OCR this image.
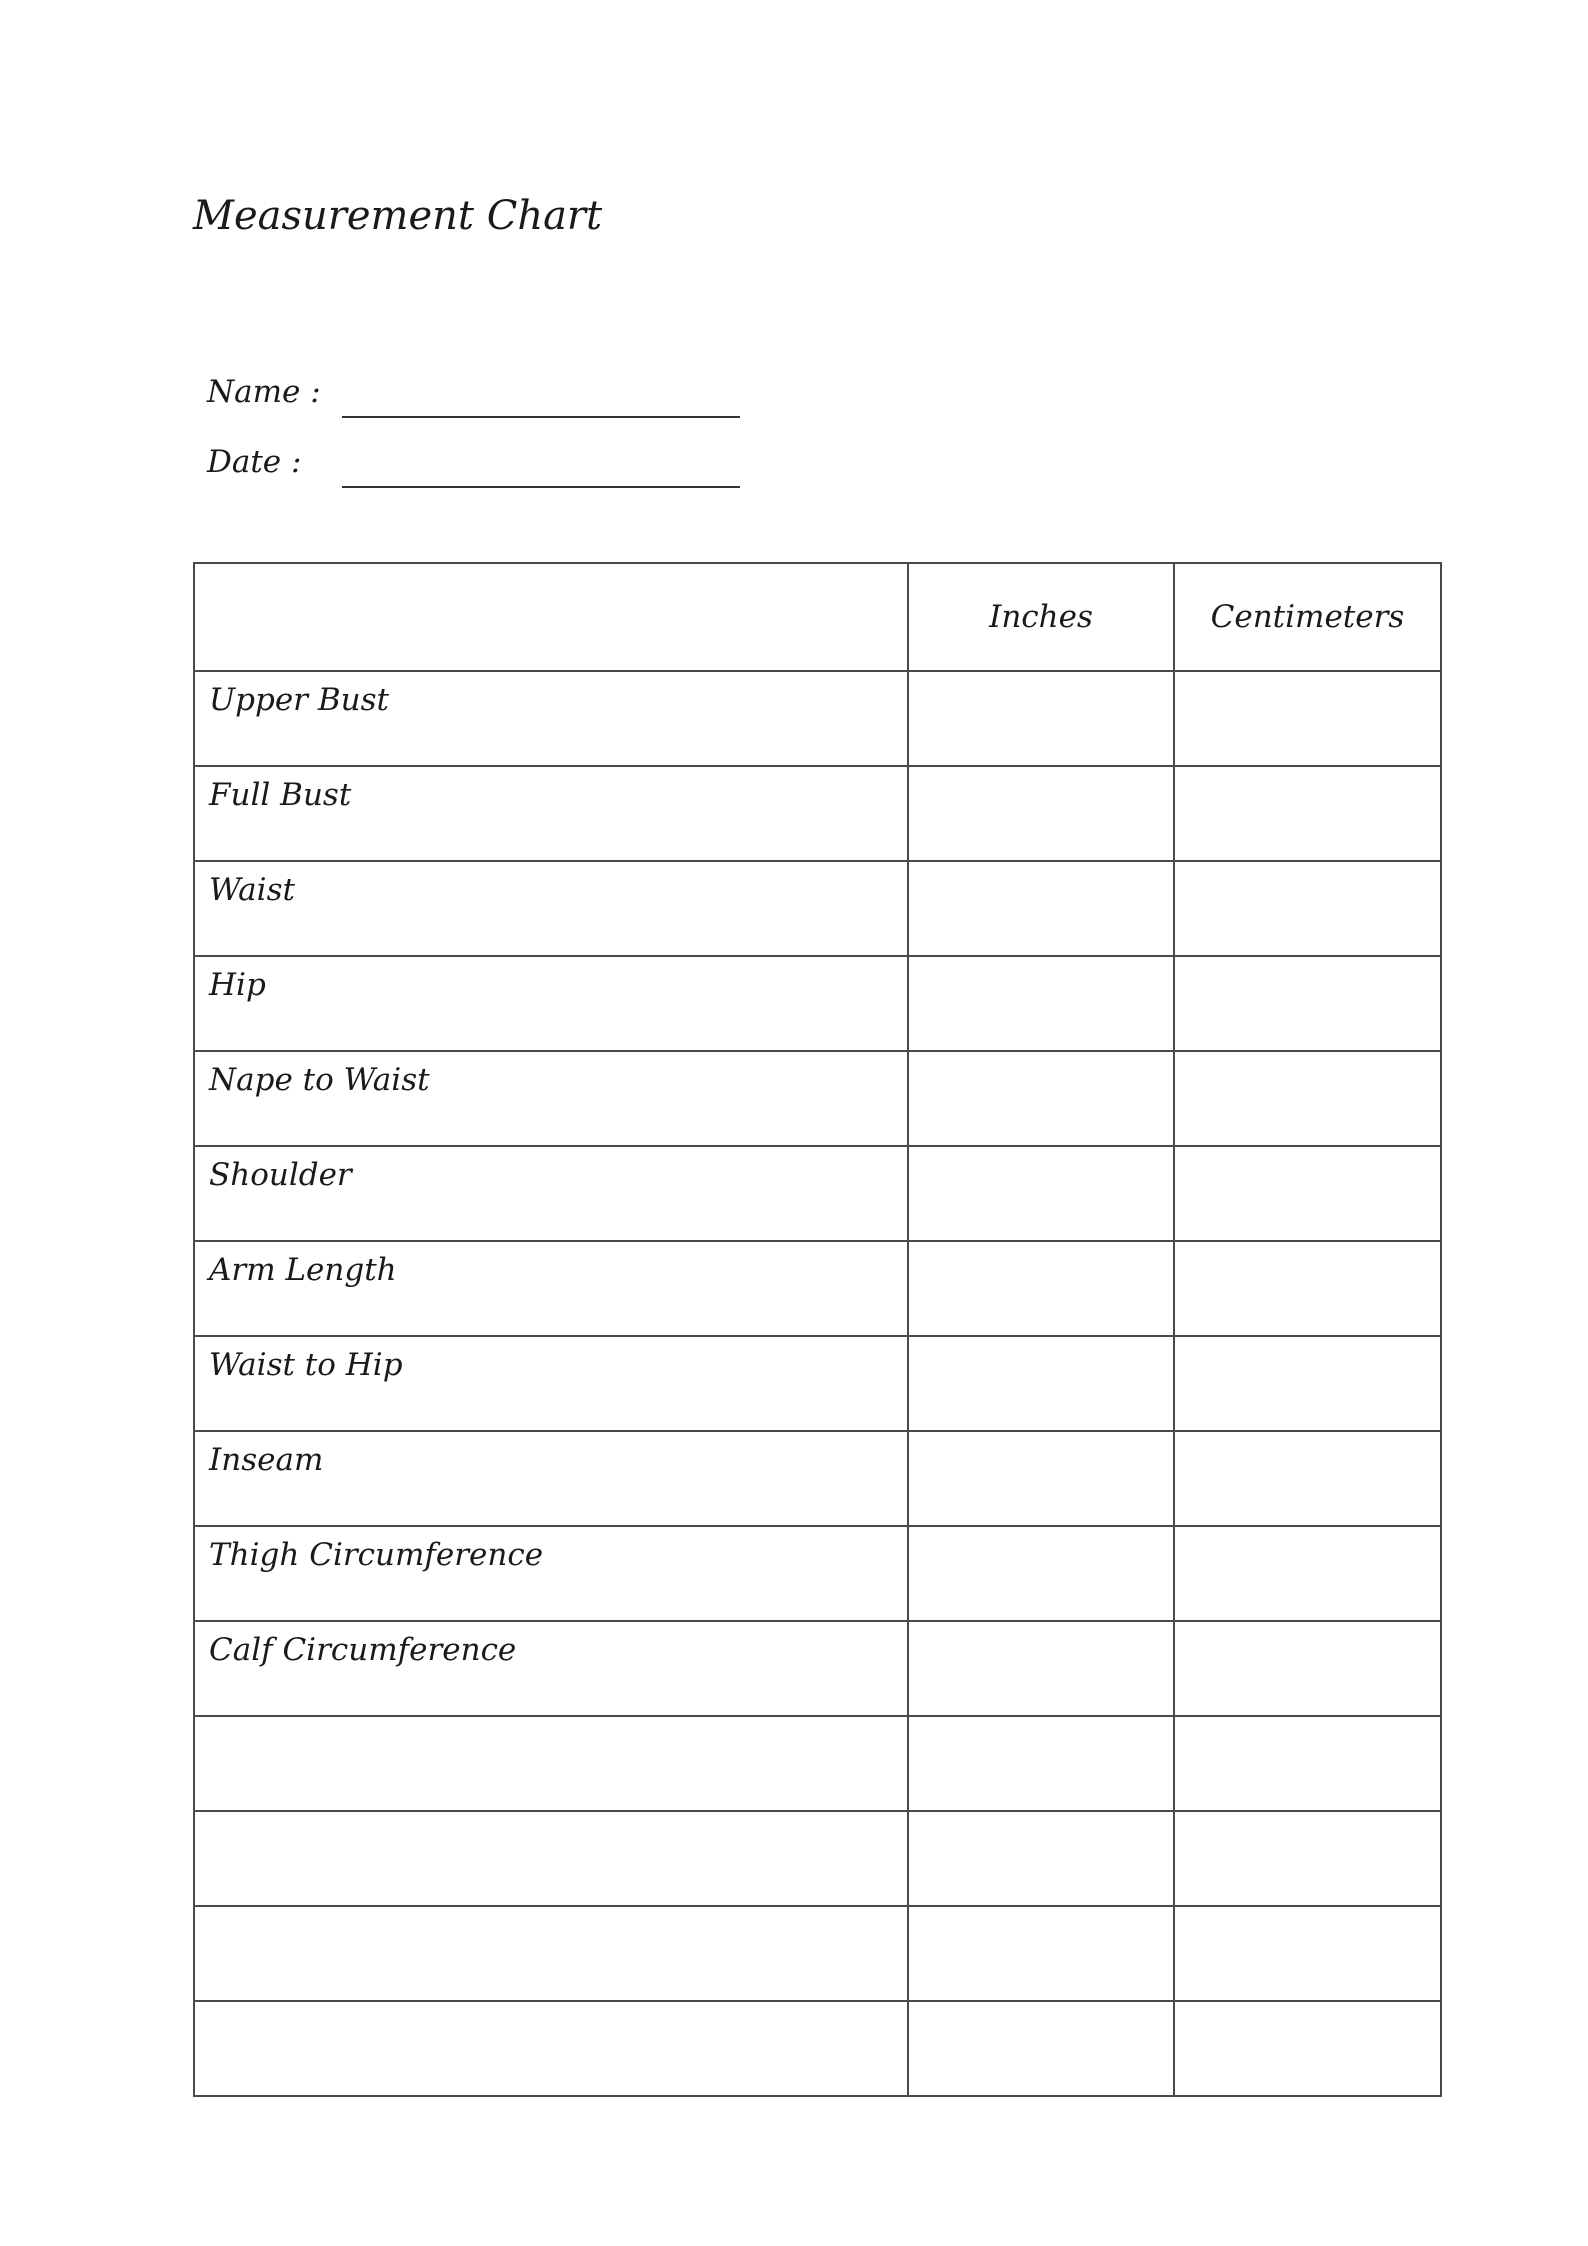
Measurement Chart
Name :
Date :
	Inches	Centimeters
Upper Bust		
Full Bust		
Waist		
Hip		
Nape to Waist		
Shoulder		
Arm Length		
Waist to Hip		
Inseam		
Thigh Circumference		
Calf Circumference		
